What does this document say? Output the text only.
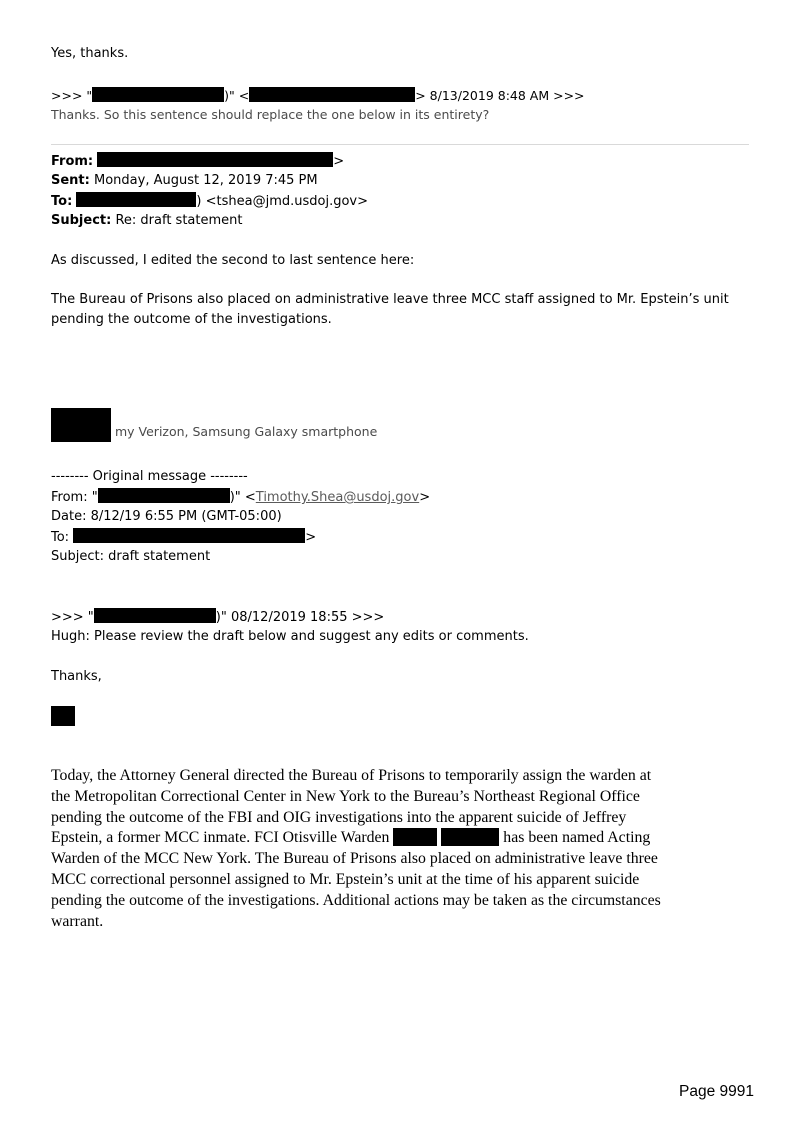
Yes, thanks.
>>> "	)" <	> 8/13/2019 8:48 AM >>>
Thanks. So this sentence should replace the one below in its entirety?
From:	>
Sent: Monday, August 12, 2019 7:45 PM
To:	) <tshea@jmd.usdoj.gov>
Subject: Re: draft statement
As discussed, I edited the second to last sentence here:
The Bureau of Prisons also placed on administrative leave three MCC staff assigned to Mr. Epstein’s unit
pending the outcome of the investigations.
my Verizon, Samsung Galaxy smartphone
-------- Original message --------
From: "	)" <Timothy.Shea@usdoj.gov>
Date: 8/12/19 6:55 PM (GMT-05:00)
To:	>
Subject: draft statement
>>> "	)" 08/12/2019 18:55 >>>
Hugh: Please review the draft below and suggest any edits or comments.
Thanks,
Today, the Attorney General directed the Bureau of Prisons to temporarily assign the warden at
the Metropolitan Correctional Center in New York to the Bureau’s Northeast Regional Office
pending the outcome of the FBI and OIG investigations into the apparent suicide of Jeffrey
Epstein, a former MCC inmate. FCI Otisville Warden	has been named Acting
Warden of the MCC New York. The Bureau of Prisons also placed on administrative leave three
MCC correctional personnel assigned to Mr. Epstein’s unit at the time of his apparent suicide
pending the outcome of the investigations. Additional actions may be taken as the circumstances
warrant.
Page 9991
